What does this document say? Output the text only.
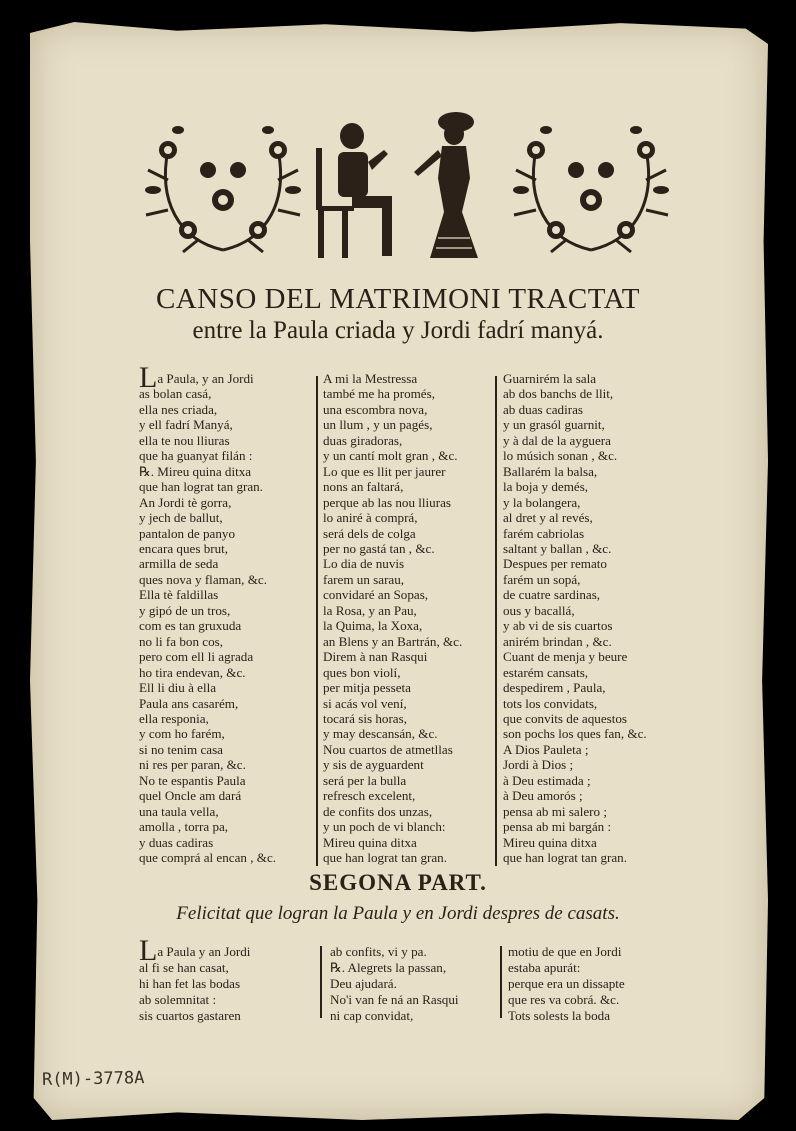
CANSO DEL MATRIMONI TRACTAT
entre la Paula criada y Jordi fadrí manyá.
La Paula, y an Jordi
as bolan casá,
ella nes criada,
y ell fadrí Manyá,
ella te nou lliuras
que ha guanyat filán :
℞. Mireu quina ditxa
que han lograt tan gran.
An Jordi tè gorra,
y jech de ballut,
pantalon de panyo
encara ques brut,
armilla de seda
ques nova y flaman, &c.
Ella tè faldillas
y gipó de un tros,
com es tan gruxuda
no li fa bon cos,
pero com ell li agrada
ho tira endevan, &c.
Ell li diu à ella
Paula ans casarém,
ella responia,
y com ho farém,
si no tenim casa
ni res per paran, &c.
No te espantis Paula
quel Oncle am dará
una taula vella,
amolla , torra pa,
y duas cadiras
que comprá al encan , &c.
A mi la Mestressa
també me ha promés,
una escombra nova,
un llum , y un pagés,
duas giradoras,
y un cantí molt gran , &c.
Lo que es llit per jaurer
nons an faltará,
perque ab las nou lliuras
lo aniré à comprá,
será dels de colga
per no gastá tan , &c.
Lo dia de nuvis
farem un sarau,
convidaré an Sopas,
la Rosa, y an Pau,
la Quima, la Xoxa,
an Blens y an Bartrán, &c.
Direm à nan Rasqui
ques bon violí,
per mitja pesseta
si acás vol vení,
tocará sis horas,
y may descansán, &c.
Nou cuartos de atmetllas
y sis de ayguardent
será per la bulla
refresch excelent,
de confits dos unzas,
y un poch de vi blanch:
Mireu quina ditxa
que han lograt tan gran.
Guarnirém la sala
ab dos banchs de llit,
ab duas cadiras
y un grasól guarnit,
y à dal de la ayguera
lo músich sonan , &c.
Ballarém la balsa,
la boja y demés,
y la bolangera,
al dret y al revés,
farém cabriolas
saltant y ballan , &c.
Despues per remato
farém un sopá,
de cuatre sardinas,
ous y bacallá,
y ab vi de sis cuartos
anirém brindan , &c.
Cuant de menja y beure
estarém cansats,
despedirem , Paula,
tots los convidats,
que convits de aquestos
son pochs los ques fan, &c.
A Dios Pauleta ;
Jordi à Dios ;
à Deu estimada ;
à Deu amorós ;
pensa ab mi salero ;
pensa ab mi bargán :
Mireu quina ditxa
que han lograt tan gran.
SEGONA PART.
Felicitat que logran la Paula y en Jordi despres de casats.
La Paula y an Jordi
al fi se han casat,
hi han fet las bodas
ab solemnitat :
sis cuartos gastaren
ab confits, vi y pa.
℞. Alegrets la passan,
Deu ajudará.
No'i van fe ná an Rasqui
ni cap convidat,
motiu de que en Jordi
estaba apurát:
perque era un dissapte
que res va cobrá. &c.
Tots solests la boda
R(M)-3778A
